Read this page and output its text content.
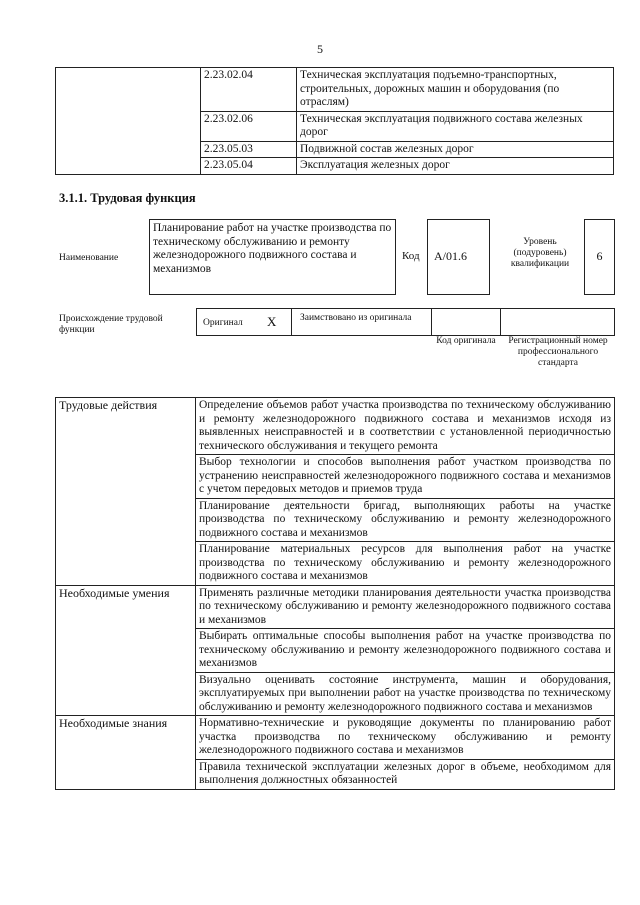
5
	2.23.02.04	Техническая эксплуатация подъемно-транспортных, строительных, дорожных машин и оборудования (по отраслям)
	2.23.02.06	Техническая эксплуатация подвижного состава железных дорог
	2.23.05.03	Подвижной состав железных дорог
	2.23.05.04	Эксплуатация железных дорог
3.1.1. Трудовая функция
Наименование
Планирование работ на участке производства по техническому обслуживанию и ремонту железнодорожного подвижного состава и механизмов
Код	А/01.6
Уровень (подуровень) квалификации
6
Происхождение трудовой функции
Оригинал X	Заимствовано из оригинала
Код оригинала	Регистрационный номер профессионального стандарта
Трудовые действия	Определение объемов работ участка производства по техническому обслуживанию и ремонту железнодорожного подвижного состава и механизмов исходя из выявленных неисправностей и в соответствии с установленной периодичностью технического обслуживания и текущего ремонта
	Выбор технологии и способов выполнения работ участком производства по устранению неисправностей железнодорожного подвижного состава и механизмов с учетом передовых методов и приемов труда
	Планирование деятельности бригад, выполняющих работы на участке производства по техническому обслуживанию и ремонту железнодорожного подвижного состава и механизмов
	Планирование материальных ресурсов для выполнения работ на участке производства по техническому обслуживанию и ремонту железнодорожного подвижного состава и механизмов
Необходимые умения	Применять различные методики планирования деятельности участка производства по техническому обслуживанию и ремонту железнодорожного подвижного состава и механизмов
	Выбирать оптимальные способы выполнения работ на участке производства по техническому обслуживанию и ремонту железнодорожного подвижного состава и механизмов
	Визуально оценивать состояние инструмента, машин и оборудования, эксплуатируемых при выполнении работ на участке производства по техническому обслуживанию и ремонту железнодорожного подвижного состава и механизмов
Необходимые знания	Нормативно-технические и руководящие документы по планированию работ участка производства по техническому обслуживанию и ремонту железнодорожного подвижного состава и механизмов
	Правила технической эксплуатации железных дорог в объеме, необходимом для выполнения должностных обязанностей
